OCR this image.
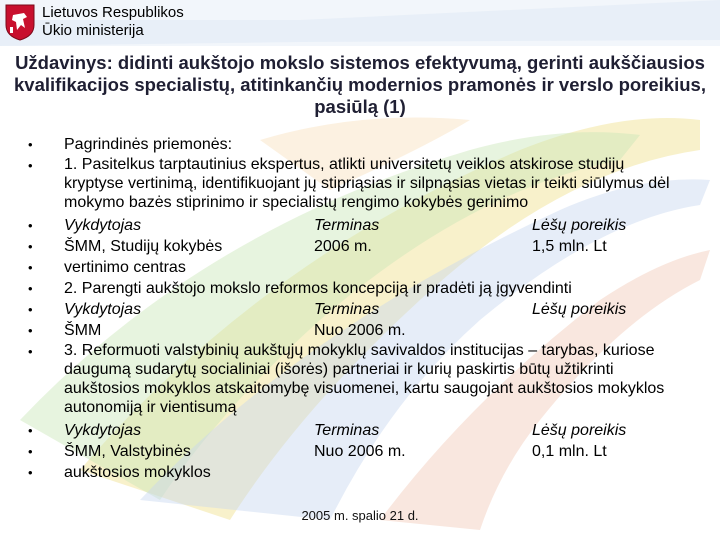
Lietuvos Respublikos
Ūkio ministerija
Uždavinys: didinti aukštojo mokslo sistemos efektyvumą, gerinti aukščiausios kvalifikacijos specialistų, atitinkančių modernios pramonės ir verslo poreikius, pasiūlą (1)
• Pagrindinės priemonės:
• 1. Pasitelkus tarptautinius ekspertus, atlikti universitetų veiklos atskirose studijų kryptyse vertinimą, identifikuojant jų stipriąsias ir silpnąsias vietas ir teikti siūlymus dėl mokymo bazės stiprinimo ir specialistų rengimo kokybės gerinimo
• Vykdytojas	Terminas	Lėšų poreikis
• ŠMM, Studijų kokybės	2006 m.	1,5 mln. Lt
• vertinimo centras
• 2. Parengti aukštojo mokslo reformos koncepciją ir pradėti ją įgyvendinti
• Vykdytojas	Terminas	Lėšų poreikis
• ŠMM	Nuo 2006 m.
• 3. Reformuoti valstybinių aukštųjų mokyklų savivaldos institucijas – tarybas, kuriose daugumą sudarytų socialiniai (išorės) partneriai ir kurių paskirtis būtų užtikrinti aukštosios mokyklos atskaitomybę visuomenei, kartu saugojant aukštosios mokyklos autonomiją ir vientisumą
• Vykdytojas	Terminas	Lėšų poreikis
• ŠMM, Valstybinės	Nuo 2006 m.	0,1 mln. Lt
• aukštosios mokyklos
2005 m. spalio 21 d.
